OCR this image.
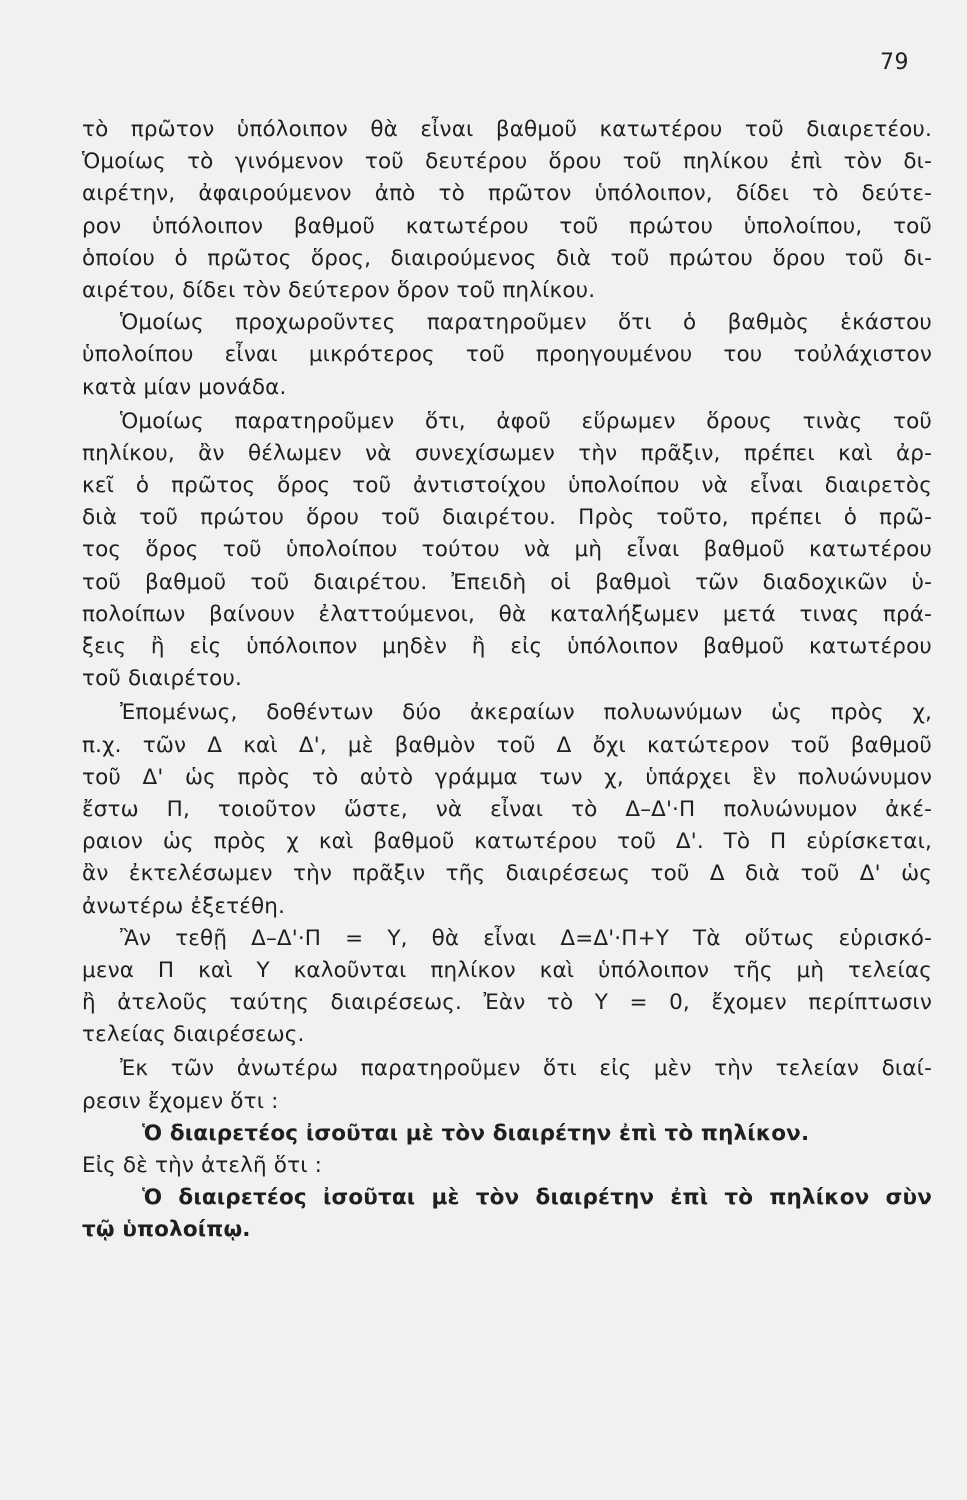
79
τὸ πρῶτον ὑπόλοιπον θὰ εἶναι βαθμοῦ κατωτέρου τοῦ διαιρετέου.
Ὁμοίως τὸ γινόμενον τοῦ δευτέρου ὅρου τοῦ πηλίκου ἐπὶ τὸν δι-
αιρέτην, ἀφαιρούμενον ἀπὸ τὸ πρῶτον ὑπόλοιπον, δίδει τὸ δεύτε-
ρον ὑπόλοιπον βαθμοῦ κατωτέρου τοῦ πρώτου ὑπολοίπου, τοῦ
ὁποίου ὁ πρῶτος ὅρος, διαιρούμενος διὰ τοῦ πρώτου ὅρου τοῦ δι-
αιρέτου, δίδει τὸν δεύτερον ὅρον τοῦ πηλίκου.
Ὁμοίως προχωροῦντες παρατηροῦμεν ὅτι ὁ βαθμὸς ἑκάστου
ὑπολοίπου εἶναι μικρότερος τοῦ προηγουμένου του τοὐλάχιστον
κατὰ μίαν μονάδα.
Ὁμοίως παρατηροῦμεν ὅτι, ἀφοῦ εὕρωμεν ὅρους τινὰς τοῦ
πηλίκου, ἂν θέλωμεν νὰ συνεχίσωμεν τὴν πρᾶξιν, πρέπει καὶ ἀρ-
κεῖ ὁ πρῶτος ὅρος τοῦ ἀντιστοίχου ὑπολοίπου νὰ εἶναι διαιρετὸς
διὰ τοῦ πρώτου ὅρου τοῦ διαιρέτου. Πρὸς τοῦτο, πρέπει ὁ πρῶ-
τος ὅρος τοῦ ὑπολοίπου τούτου νὰ μὴ εἶναι βαθμοῦ κατωτέρου
τοῦ βαθμοῦ τοῦ διαιρέτου. Ἐπειδὴ οἱ βαθμοὶ τῶν διαδοχικῶν ὑ-
πολοίπων βαίνουν ἐλαττούμενοι, θὰ καταλήξωμεν μετά τινας πρά-
ξεις ἢ εἰς ὑπόλοιπον μηδὲν ἢ εἰς ὑπόλοιπον βαθμοῦ κατωτέρου
τοῦ διαιρέτου.
Ἐπομένως, δοθέντων δύο ἀκεραίων πολυωνύμων ὡς πρὸς χ,
π.χ. τῶν Δ καὶ Δ', μὲ βαθμὸν τοῦ Δ ὄχι κατώτερον τοῦ βαθμοῦ
τοῦ Δ' ὡς πρὸς τὸ αὐτὸ γράμμα των χ, ὑπάρχει ἓν πολυώνυμον
ἔστω Π, τοιοῦτον ὥστε, νὰ εἶναι τὸ Δ–Δ'·Π πολυώνυμον ἀκέ-
ραιον ὡς πρὸς χ καὶ βαθμοῦ κατωτέρου τοῦ Δ'. Τὸ Π εὑρίσκεται,
ἂν ἐκτελέσωμεν τὴν πρᾶξιν τῆς διαιρέσεως τοῦ Δ διὰ τοῦ Δ' ὡς
ἀνωτέρω ἐξετέθη.
Ἂν τεθῇ Δ–Δ'·Π = Υ, θὰ εἶναι Δ=Δ'·Π+Υ Τὰ οὕτως εὑρισκό-
μενα Π καὶ Υ καλοῦνται πηλίκον καὶ ὑπόλοιπον τῆς μὴ τελείας
ἢ ἀτελοῦς ταύτης διαιρέσεως. Ἐὰν τὸ Υ = 0, ἔχομεν περίπτωσιν
τελείας διαιρέσεως.
Ἐκ τῶν ἀνωτέρω παρατηροῦμεν ὅτι εἰς μὲν τὴν τελείαν διαί-
ρεσιν ἔχομεν ὅτι :
Ὁ διαιρετέος ἰσοῦται μὲ τὸν διαιρέτην ἐπὶ τὸ πηλίκον.
Εἰς δὲ τὴν ἀτελῆ ὅτι :
Ὁ διαιρετέος ἰσοῦται μὲ τὸν διαιρέτην ἐπὶ τὸ πηλίκον σὺν
τῷ ὑπολοίπῳ.
